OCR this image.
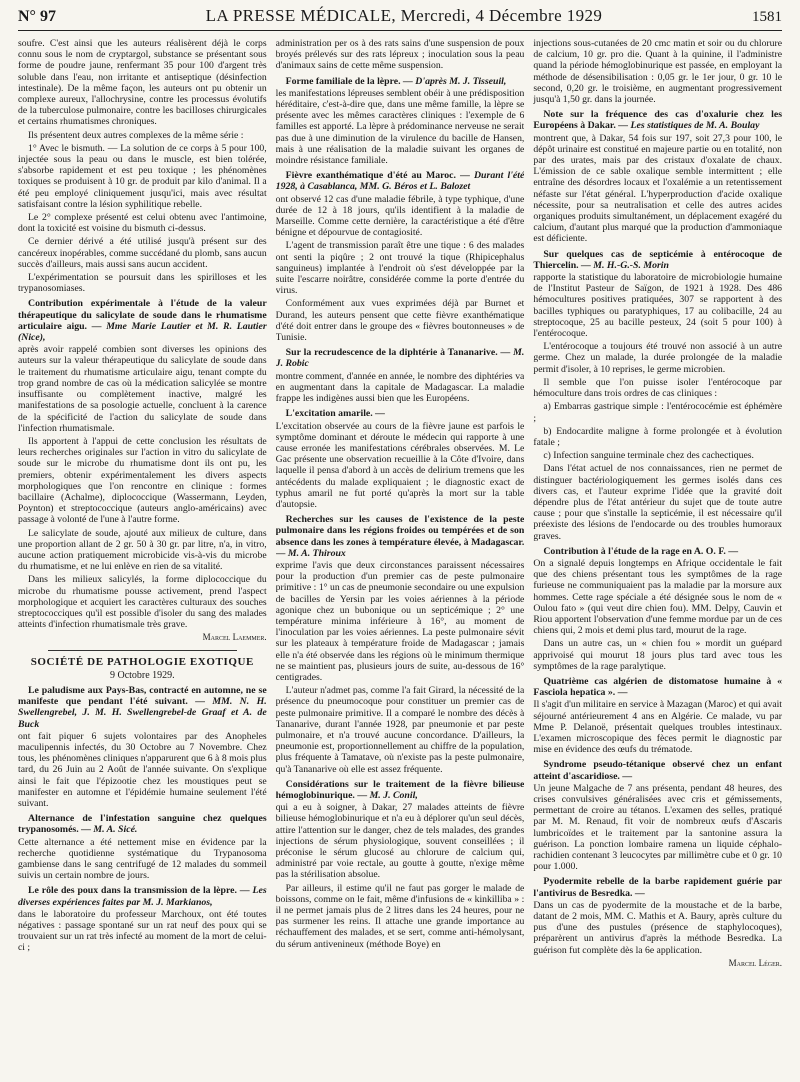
N° 97	LA PRESSE MÉDICALE, Mercredi, 4 Décembre 1929	1581

soufre. C'est ainsi que les auteurs réalisèrent déjà le corps connu sous le nom de cryptargol, substance se présentant sous forme de poudre jaune, renfermant 35 pour 100 d'argent très soluble dans l'eau, non irritante et antiseptique (désinfection intestinale). De la même façon, les auteurs ont pu obtenir un complexe aureux, l'allochrysine, contre les processus évolutifs de la tuberculose pulmonaire, contre les bacilloses chirurgicales et certains rhumatismes chroniques.

Ils présentent deux autres complexes de la même série :

1° Avec le bismuth. — La solution de ce corps à 5 pour 100, injectée sous la peau ou dans le muscle, est bien tolérée, s'absorbe rapidement et est peu toxique ; les phénomènes toxiques se produisent à 10 gr. de produit par kilo d'animal. Il a été peu employé cliniquement jusqu'ici, mais avec résultat satisfaisant contre la lésion syphilitique rebelle.

Le 2° complexe présenté est celui obtenu avec l'antimoine, dont la toxicité est voisine du bismuth ci-dessus.

Ce dernier dérivé a été utilisé jusqu'à présent sur des cancéreux inopérables, comme succédané du plomb, sans aucun succès d'ailleurs, mais aussi sans aucun accident.

L'expérimentation se poursuit dans les spirilloses et les trypanosomiases.

Contribution expérimentale à l'étude de la valeur thérapeutique du salicylate de soude dans le rhumatisme articulaire aigu. — Mme Marie Lautier et M. R. Lautier (Nice),

après avoir rappelé combien sont diverses les opinions des auteurs sur la valeur thérapeutique du salicylate de soude dans le traitement du rhumatisme articulaire aigu, tenant compte du trop grand nombre de cas où la médication salicylée se montre insuffisante ou complètement inactive, malgré les manifestations de sa posologie actuelle, concluent à la carence de la spécificité de l'action du salicylate de soude dans l'infection rhumatismale.

Ils apportent à l'appui de cette conclusion les résultats de leurs recherches originales sur l'action in vitro du salicylate de soude sur le microbe du rhumatisme dont ils ont pu, les premiers, obtenir expérimentalement les divers aspects morphologiques que l'on rencontre en clinique : formes bacillaire (Achalme), diplococcique (Wassermann, Leyden, Poynton) et streptococcique (auteurs anglo-américains) avec passage à volonté de l'une à l'autre forme.

Le salicylate de soude, ajouté aux milieux de culture, dans une proportion allant de 2 gr. 50 à 30 gr. par litre, n'a, in vitro, aucune action pratiquement microbicide vis-à-vis du microbe du rhumatisme, et ne lui enlève en rien de sa vitalité.

Dans les milieux salicylés, la forme diplococcique du microbe du rhumatisme pousse activement, prend l'aspect morphologique et acquiert les caractères culturaux des souches streptococciques qu'il est possible d'isoler du sang des malades atteints d'infection rhumatismale très grave.

Marcel Laemmer.
SOCIÉTÉ DE PATHOLOGIE EXOTIQUE
9 Octobre 1929.
Le paludisme aux Pays-Bas, contracté en automne, ne se manifeste que pendant l'été suivant. — MM. N. H. Swellengrebel, J. M. H. Swellengrebel-de Graaf et A. de Buck

ont fait piquer 6 sujets volontaires par des Anopheles maculipennis infectés, du 30 Octobre au 7 Novembre. Chez tous, les phénomènes cliniques n'apparurent que 6 à 8 mois plus tard, du 26 Juin au 2 Août de l'année suivante. On s'explique ainsi le fait que l'épizootie chez les moustiques peut se manifester en automne et l'épidémie humaine seulement l'été suivant.

Alternance de l'infestation sanguine chez quelques trypanosomés. — M. A. Sicé.

Cette alternance a été nettement mise en évidence par la recherche quotidienne systématique du Trypanosoma gambiense dans le sang centrifugé de 12 malades du sommeil suivis un certain nombre de jours.

Le rôle des poux dans la transmission de la lèpre. — Les diverses expériences faites par M. J. Markianos,

dans le laboratoire du professeur Marchoux, ont été toutes négatives : passage spontané sur un rat neuf des poux qui se trouvaient sur un rat très infecté au moment de la mort de celui-ci ;

administration per os à des rats sains d'une suspension de poux broyés prélevés sur des rats lépreux ; inoculation sous la peau d'animaux sains de cette même suspension.

Forme familiale de la lèpre. — D'après M. J. Tisseuil,

les manifestations lépreuses semblent obéir à une prédisposition héréditaire, c'est-à-dire que, dans une même famille, la lèpre se présente avec les mêmes caractères cliniques : l'exemple de 6 familles est apporté. La lèpre à prédominance nerveuse ne serait pas due à une diminution de la virulence du bacille de Hansen, mais à une réalisation de la maladie suivant les organes de moindre résistance familiale.

Fièvre exanthématique d'été au Maroc. — Durant l'été 1928, à Casablanca, MM. G. Béros et L. Balozet

ont observé 12 cas d'une maladie fébrile, à type typhique, d'une durée de 12 à 18 jours, qu'ils identifient à la maladie de Marseille. Comme cette dernière, la caractéristique a été d'être bénigne et dépourvue de contagiosité.

L'agent de transmission paraît être une tique : 6 des malades ont senti la piqûre ; 2 ont trouvé la tique (Rhipicephalus sanguineus) implantée à l'endroit où s'est développée par la suite l'escarre noirâtre, considérée comme la porte d'entrée du virus.

Conformément aux vues exprimées déjà par Burnet et Durand, les auteurs pensent que cette fièvre exanthématique d'été doit entrer dans le groupe des « fièvres boutonneuses » de Tunisie.

Sur la recrudescence de la diphtérie à Tananarive. — M. J. Robic

montre comment, d'année en année, le nombre des diphtéries va en augmentant dans la capitale de Madagascar. La maladie frappe les indigènes aussi bien que les Européens.

L'excitation amarile. —

L'excitation observée au cours de la fièvre jaune est parfois le symptôme dominant et déroute le médecin qui rapporte à une cause erronée les manifestations cérébrales observées. M. Le Gac présente une observation recueillie à la Côte d'Ivoire, dans laquelle il pensa d'abord à un accès de delirium tremens que les antécédents du malade expliquaient ; le diagnostic exact de typhus amaril ne fut porté qu'après la mort sur la table d'autopsie.

Recherches sur les causes de l'existence de la peste pulmonaire dans les régions froides ou tempérées et de son absence dans les zones à température élevée, à Madagascar. — M. A. Thiroux

exprime l'avis que deux circonstances paraissent nécessaires pour la production d'un premier cas de peste pulmonaire primitive : 1° un cas de pneumonie secondaire ou une expulsion de bacilles de Yersin par les voies aériennes à la période agonique chez un bubonique ou un septicémique ; 2° une température minima inférieure à 16°, au moment de l'inoculation par les voies aériennes. La peste pulmonaire sévit sur les plateaux à température froide de Madagascar ; jamais elle n'a été observée dans les régions où le minimum thermique ne se maintient pas, plusieurs jours de suite, au-dessous de 16° centigrades.

L'auteur n'admet pas, comme l'a fait Girard, la nécessité de la présence du pneumocoque pour constituer un premier cas de peste pulmonaire primitive. Il a comparé le nombre des décès à Tananarive, durant l'année 1928, par pneumonie et par peste pulmonaire, et n'a trouvé aucune concordance. D'ailleurs, la pneumonie est, proportionnellement au chiffre de la population, plus fréquente à Tamatave, où n'existe pas la peste pulmonaire, qu'à Tananarive où elle est assez fréquente.

Considérations sur le traitement de la fièvre bilieuse hémoglobinurique. — M. J. Conil,

qui a eu à soigner, à Dakar, 27 malades atteints de fièvre bilieuse hémoglobinurique et n'a eu à déplorer qu'un seul décès, attire l'attention sur le danger, chez de tels malades, des grandes injections de sérum physiologique, souvent conseillées ; il préconise le sérum glucosé au chlorure de calcium qui, administré par voie rectale, au goutte à goutte, n'exige même pas la stérilisation absolue.

Par ailleurs, il estime qu'il ne faut pas gorger le malade de boissons, comme on le fait, même d'infusions de « kinkilliba » : il ne permet jamais plus de 2 litres dans les 24 heures, pour ne pas surmener les reins. Il attache une grande importance au réchauffement des malades, et se sert, comme anti-hémolysant, du sérum antivenineux (méthode Boye) en

injections sous-cutanées de 20 cmc matin et soir ou du chlorure de calcium, 10 gr. pro die. Quant à la quinine, il l'administre quand la période hémoglobinurique est passée, en employant la méthode de désensibilisation : 0,05 gr. le 1er jour, 0 gr. 10 le second, 0,20 gr. le troisième, en augmentant progressivement jusqu'à 1,50 gr. dans la journée.

Note sur la fréquence des cas d'oxalurie chez les Européens à Dakar. — Les statistiques de M. A. Boulay

montrent que, à Dakar, 54 fois sur 197, soit 27,3 pour 100, le dépôt urinaire est constitué en majeure partie ou en totalité, non par des urates, mais par des cristaux d'oxalate de chaux. L'émission de ce sable oxalique semble intermittent ; elle entraîne des désordres locaux et l'oxalémie a un retentissement néfaste sur l'état général. L'hyperproduction d'acide oxalique nécessite, pour sa neutralisation et celle des autres acides organiques produits simultanément, un déplacement exagéré du calcium, d'autant plus marqué que la production d'ammoniaque est déficiente.

Sur quelques cas de septicémie à entérocoque de Thiercelin. — M. H.-G.-S. Morin

rapporte la statistique du laboratoire de microbiologie humaine de l'Institut Pasteur de Saïgon, de 1921 à 1928. Des 486 hémocultures positives pratiquées, 307 se rapportent à des bacilles typhiques ou paratyphiques, 17 au colibacille, 24 au streptocoque, 25 au bacille pesteux, 24 (soit 5 pour 100) à l'entérocoque.

L'entérocoque a toujours été trouvé non associé à un autre germe. Chez un malade, la durée prolongée de la maladie permit d'isoler, à 10 reprises, le germe microbien.

Il semble que l'on puisse isoler l'entérocoque par hémoculture dans trois ordres de cas cliniques :

a) Embarras gastrique simple : l'entérococémie est éphémère ;

b) Endocardite maligne à forme prolongée et à évolution fatale ;

c) Infection sanguine terminale chez des cachectiques.

Dans l'état actuel de nos connaissances, rien ne permet de distinguer bactériologiquement les germes isolés dans ces divers cas, et l'auteur exprime l'idée que la gravité doit dépendre plus de l'état antérieur du sujet que de toute autre cause ; pour que s'installe la septicémie, il est nécessaire qu'il préexiste des lésions de l'endocarde ou des troubles humoraux graves.

Contribution à l'étude de la rage en A. O. F. —

On a signalé depuis longtemps en Afrique occidentale le fait que des chiens présentant tous les symptômes de la rage furieuse ne communiquaient pas la maladie par la morsure aux hommes. Cette rage spéciale a été désignée sous le nom de « Oulou fato » (qui veut dire chien fou). MM. Delpy, Cauvin et Riou apportent l'observation d'une femme mordue par un de ces chiens qui, 2 mois et demi plus tard, mourut de la rage.

Dans un autre cas, un « chien fou » mordit un guépard apprivoisé qui mourut 18 jours plus tard avec tous les symptômes de la rage paralytique.

Quatrième cas algérien de distomatose humaine à « Fasciola hepatica ». —

Il s'agit d'un militaire en service à Mazagan (Maroc) et qui avait séjourné antérieurement 4 ans en Algérie. Ce malade, vu par Mme P. Delanoë, présentait quelques troubles intestinaux. L'examen microscopique des fèces permit le diagnostic par mise en évidence des œufs du trématode.

Syndrome pseudo-tétanique observé chez un enfant atteint d'ascaridiose. —

Un jeune Malgache de 7 ans présenta, pendant 48 heures, des crises convulsives généralisées avec cris et gémissements, permettant de croire au tétanos. L'examen des selles, pratiqué par M. M. Renaud, fit voir de nombreux œufs d'Ascaris lumbricoïdes et le traitement par la santonine assura la guérison. La ponction lombaire ramena un liquide céphalo-rachidien contenant 3 leucocytes par millimètre cube et 0 gr. 10 pour 1.000.

Pyodermite rebelle de la barbe rapidement guérie par l'antivirus de Besredka. —

Dans un cas de pyodermite de la moustache et de la barbe, datant de 2 mois, MM. C. Mathis et A. Baury, après culture du pus d'une des pustules (présence de staphylocoques), préparèrent un antivirus d'après la méthode Besredka. La guérison fut complète dès la 6e application.

Marcel Léger.
